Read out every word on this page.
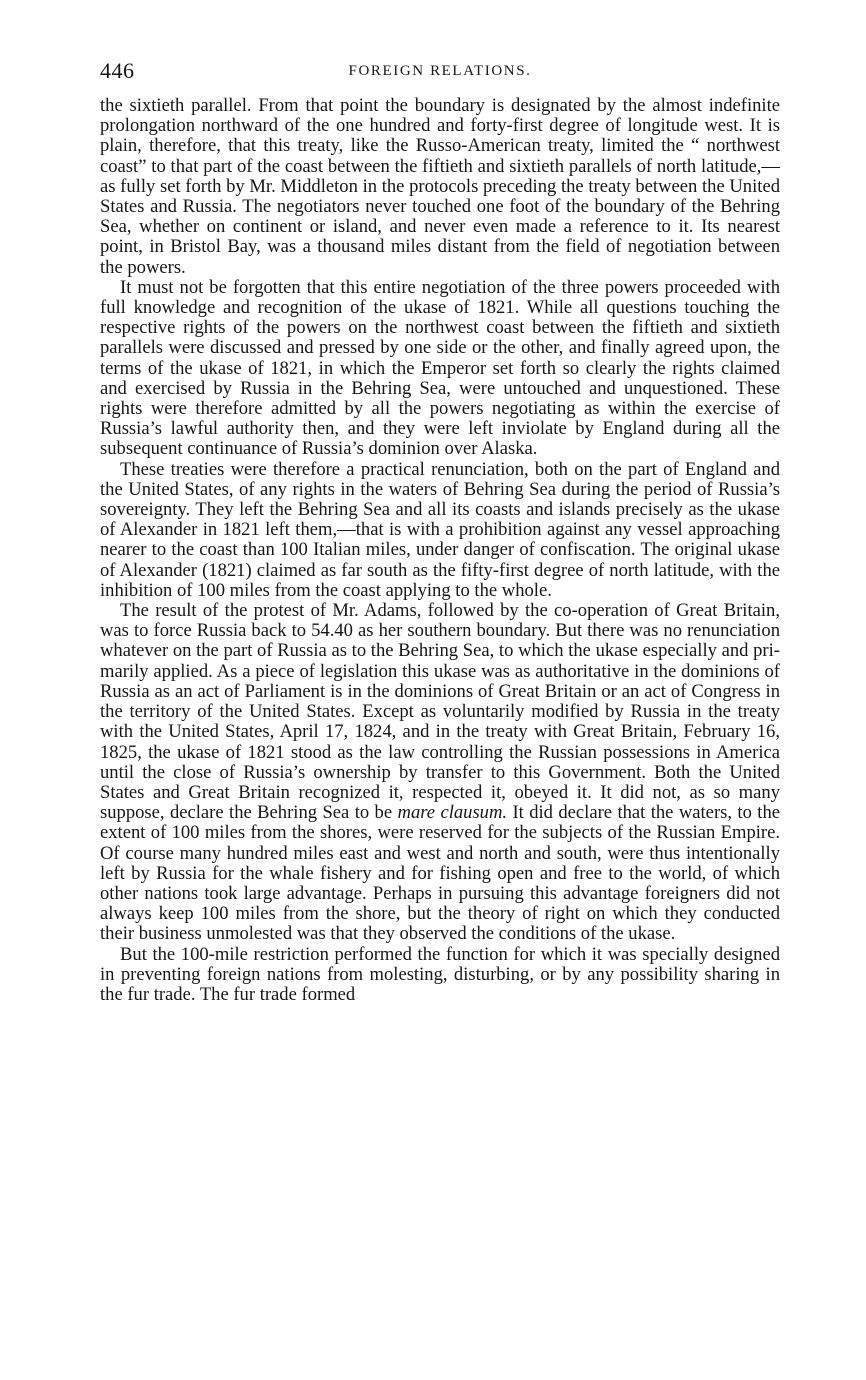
446	FOREIGN RELATIONS.

the sixtieth parallel. From that point the boundary is designated by the almost indefinite prolongation northward of the one hundred and forty-first degree of longitude west. It is plain, therefore, that this treaty, like the Russo-American treaty, limited the “ northwest coast” to that part of the coast between the fiftieth and sixtieth parallels of north latitude,—as fully set forth by Mr. Middleton in the protocols preceding the treaty between the United States and Russia. The negotiators never touched one foot of the boundary of the Behring Sea, whether on continent or island, and never even made a reference to it. Its nearest point, in Bristol Bay, was a thousand miles distant from the field of negotiation between the powers.

It must not be forgotten that this entire negotiation of the three powers proceeded with full knowledge and recognition of the ukase of 1821. While all questions touching the respective rights of the powers on the northwest coast between the fiftieth and sixtieth parallels were discussed and pressed by one side or the other, and finally agreed upon, the terms of the ukase of 1821, in which the Emperor set forth so clearly the rights claimed and exercised by Russia in the Behring Sea, were untouched and unquestioned. These rights were therefore admitted by all the powers negotiating as within the exercise of Russia’s lawful authority then, and they were left inviolate by England during all the subsequent continuance of Russia’s dominion over Alaska.

These treaties were therefore a practical renunciation, both on the part of England and the United States, of any rights in the waters of Behring Sea during the period of Russia’s sovereignty. They left the Behring Sea and all its coasts and islands precisely as the ukase of Alexander in 1821 left them,—that is with a prohibition against any vessel approaching nearer to the coast than 100 Italian miles, under danger of confiscation. The original ukase of Alexander (1821) claimed as far south as the fifty-first degree of north latitude, with the inhibition of 100 miles from the coast applying to the whole.

The result of the protest of Mr. Adams, followed by the co-operation of Great Britain, was to force Russia back to 54.40 as her southern boundary. But there was no renunciation whatever on the part of Russia as to the Behring Sea, to which the ukase especially and primarily applied. As a piece of legislation this ukase was as authoritative in the dominions of Russia as an act of Parliament is in the dominions of Great Britain or an act of Congress in the territory of the United States. Except as voluntarily modified by Russia in the treaty with the United States, April 17, 1824, and in the treaty with Great Britain, February 16, 1825, the ukase of 1821 stood as the law controlling the Russian possessions in America until the close of Russia’s ownership by transfer to this Government. Both the United States and Great Britain recognized it, respected it, obeyed it. It did not, as so many suppose, declare the Behring Sea to be mare clausum. It did declare that the waters, to the extent of 100 miles from the shores, were reserved for the subjects of the Russian Empire. Of course many hundred miles east and west and north and south, were thus intentionally left by Russia for the whale fishery and for fishing open and free to the world, of which other nations took large advantage. Perhaps in pursuing this advantage foreigners did not always keep 100 miles from the shore, but the theory of right on which they conducted their business unmolested was that they observed the conditions of the ukase.

But the 100-mile restriction performed the function for which it was specially designed in preventing foreign nations from molesting, disturbing, or by any possibility sharing in the fur trade. The fur trade formed
